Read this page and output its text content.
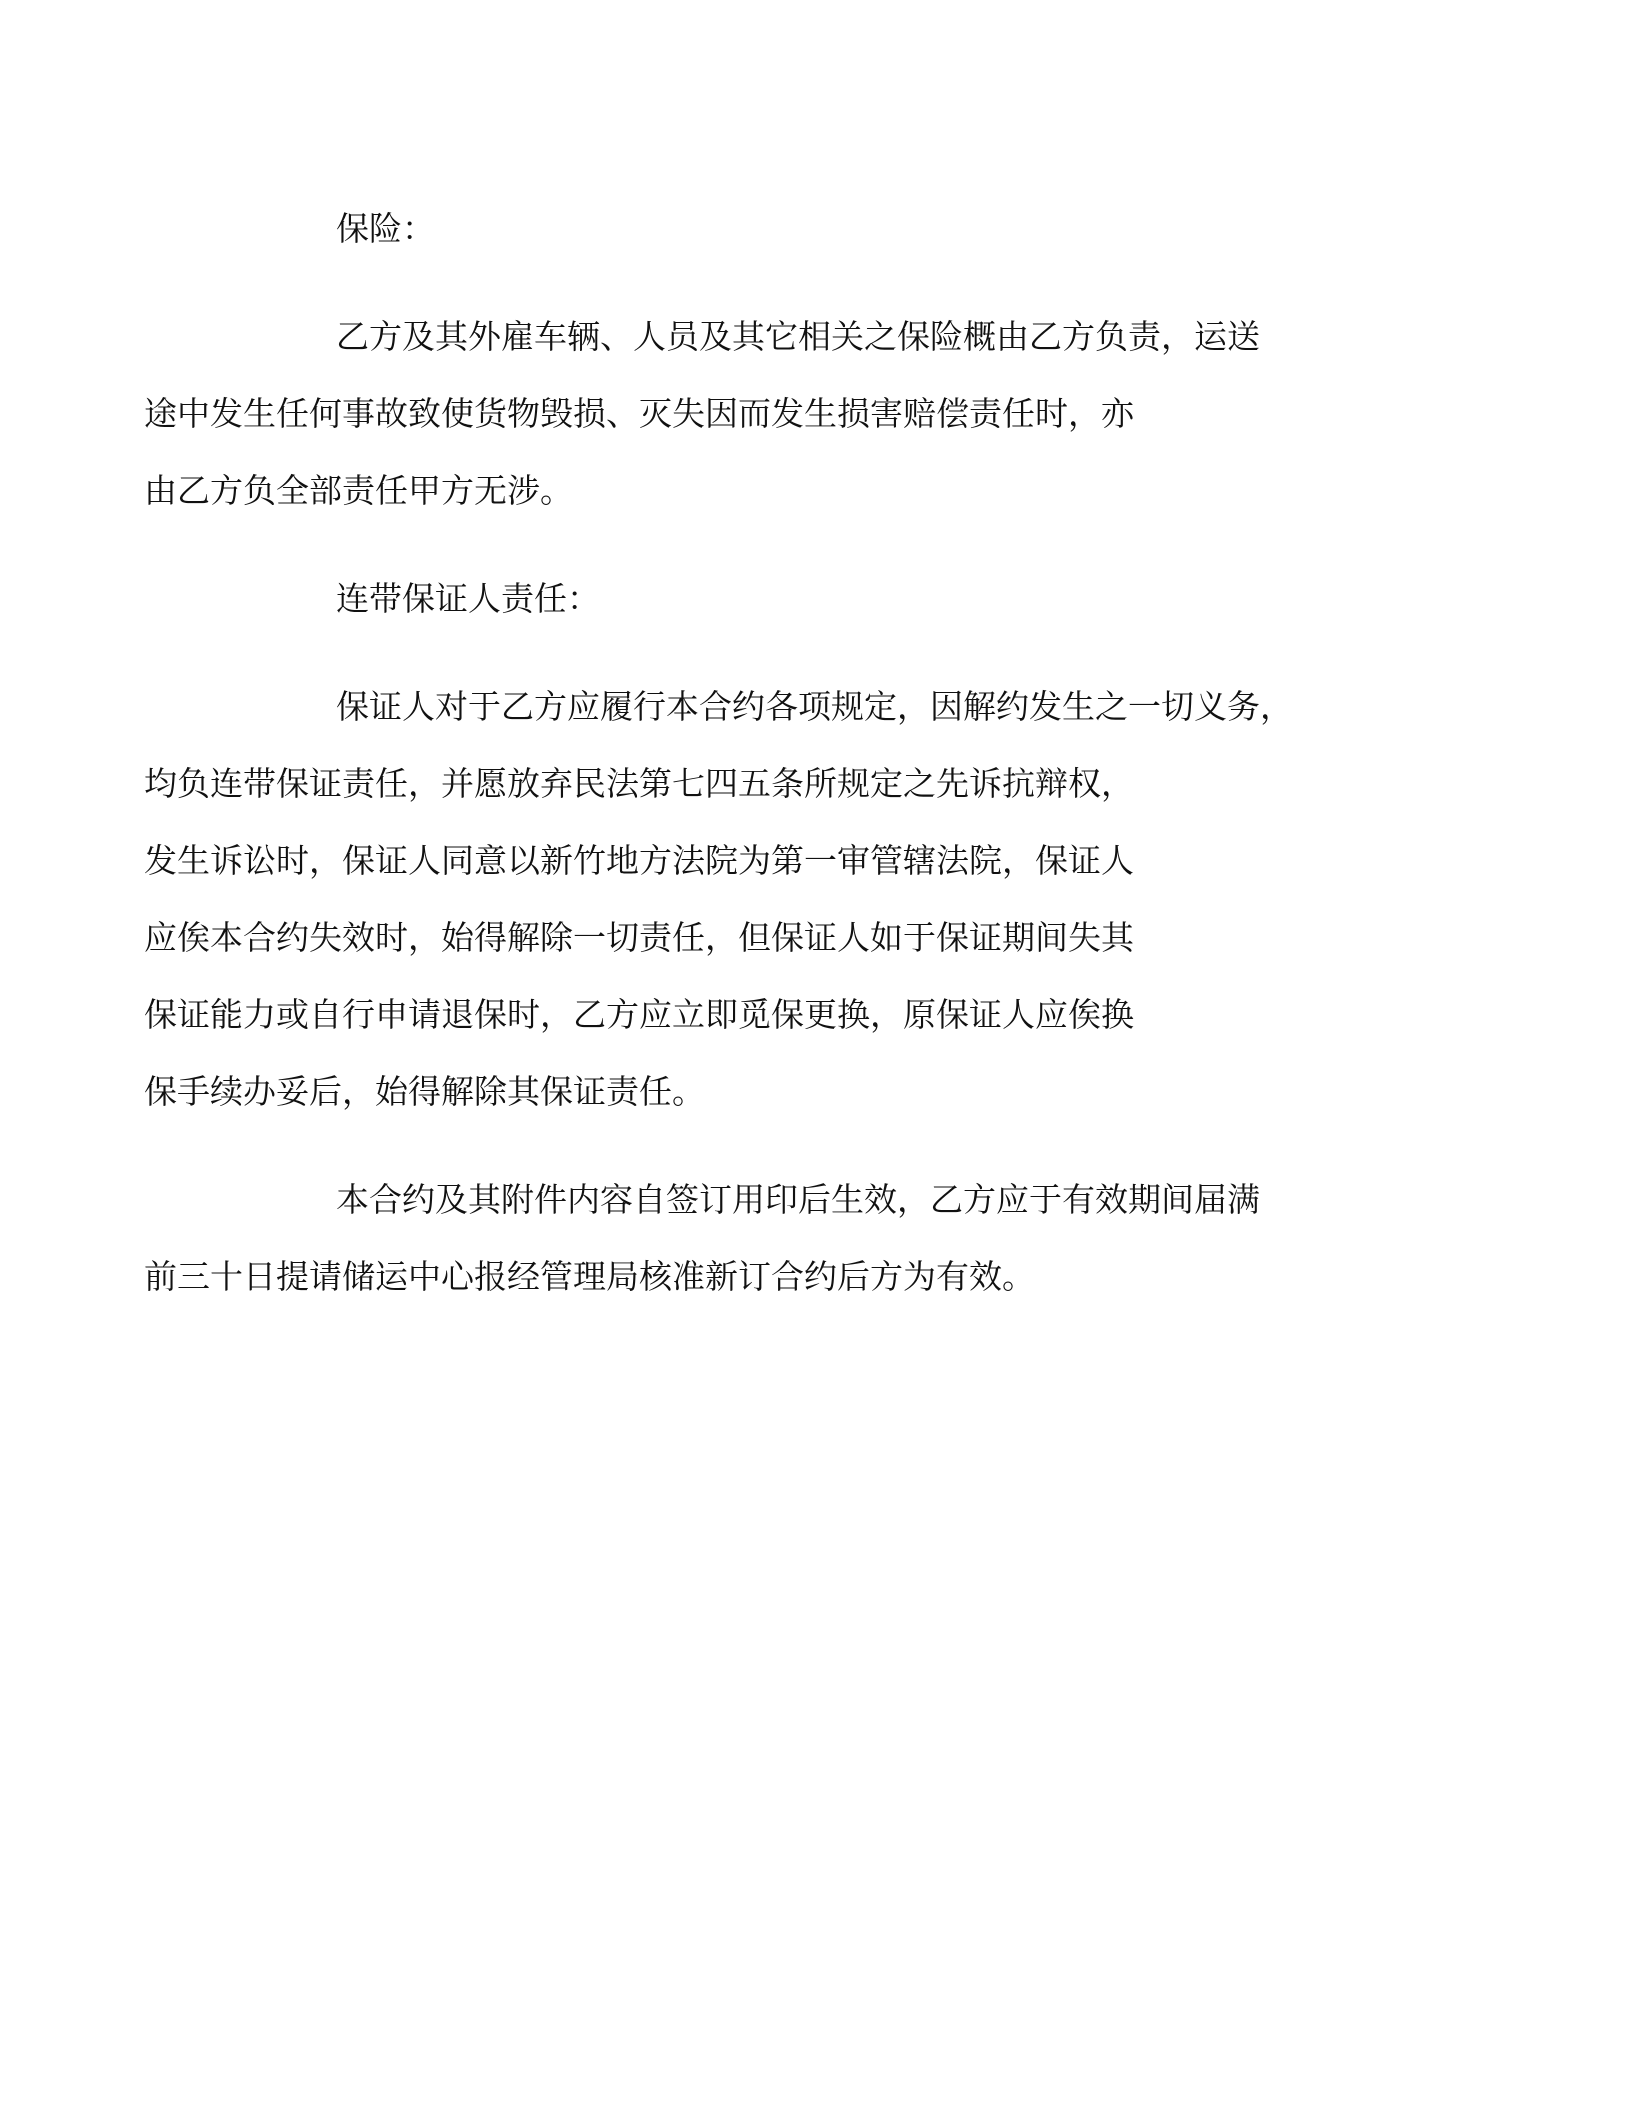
保险：

乙方及其外雇车辆、人员及其它相关之保险概由乙方负责，运送
途中发生任何事故致使货物毁损、灭失因而发生损害赔偿责任时，亦
由乙方负全部责任甲方无涉。

连带保证人责任：

保证人对于乙方应履行本合约各项规定，因解约发生之一切义务，
均负连带保证责任，并愿放弃民法第七四五条所规定之先诉抗辩权，
发生诉讼时，保证人同意以新竹地方法院为第一审管辖法院，保证人
应俟本合约失效时，始得解除一切责任，但保证人如于保证期间失其
保证能力或自行申请退保时，乙方应立即觅保更换，原保证人应俟换
保手续办妥后，始得解除其保证责任。

本合约及其附件内容自签订用印后生效，乙方应于有效期间届满
前三十日提请储运中心报经管理局核准新订合约后方为有效。
